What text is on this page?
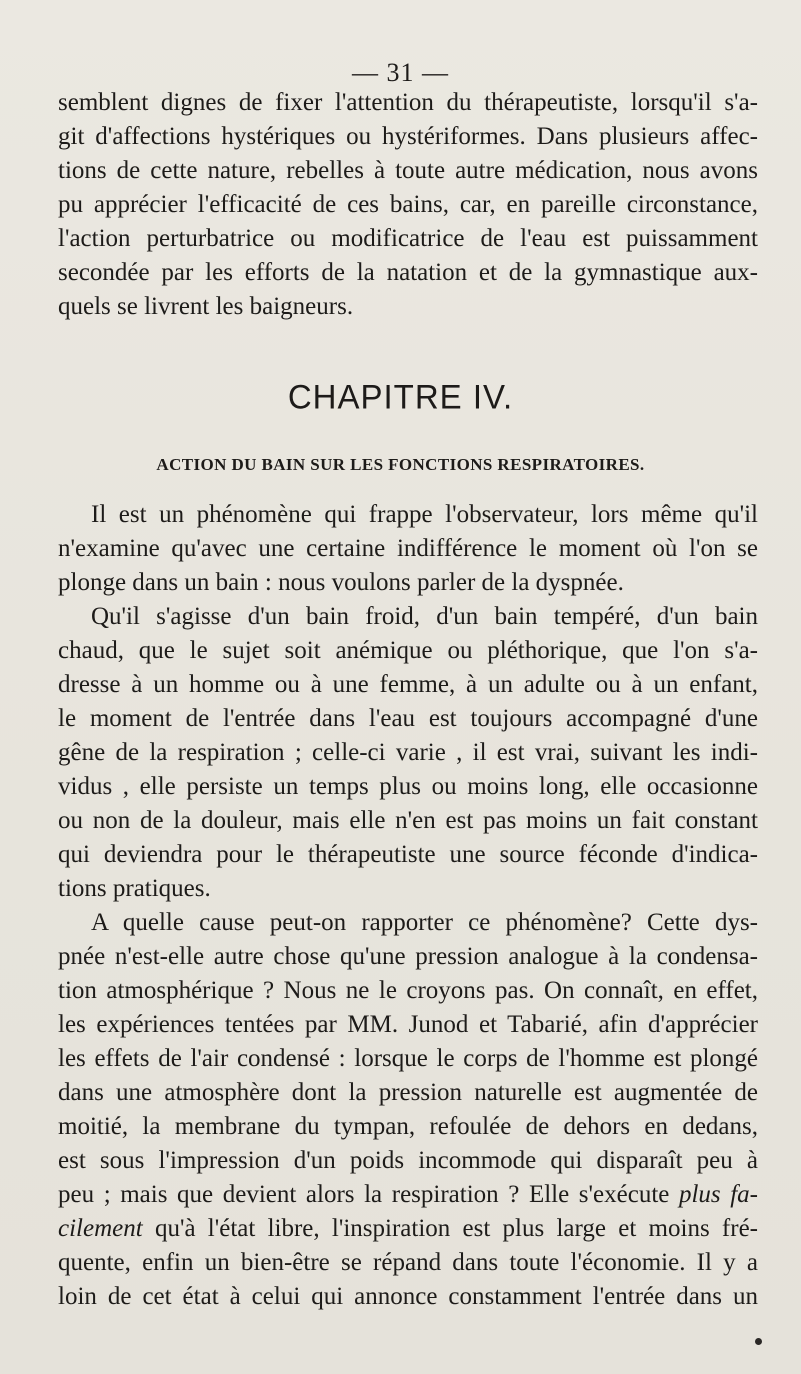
— 31 —
semblent dignes de fixer l'attention du thérapeutiste, lorsqu'il s'a-
git d'affections hystériques ou hystériformes. Dans plusieurs affec-
tions de cette nature, rebelles à toute autre médication, nous avons
pu apprécier l'efficacité de ces bains, car, en pareille circonstance,
l'action perturbatrice ou modificatrice de l'eau est puissamment
secondée par les efforts de la natation et de la gymnastique aux-
quels se livrent les baigneurs.
CHAPITRE IV.
ACTION DU BAIN SUR LES FONCTIONS RESPIRATOIRES.
Il est un phénomène qui frappe l'observateur, lors même qu'il
n'examine qu'avec une certaine indifférence le moment où l'on se
plonge dans un bain : nous voulons parler de la dyspnée.
Qu'il s'agisse d'un bain froid, d'un bain tempéré, d'un bain
chaud, que le sujet soit anémique ou pléthorique, que l'on s'a-
dresse à un homme ou à une femme, à un adulte ou à un enfant,
le moment de l'entrée dans l'eau est toujours accompagné d'une
gêne de la respiration ; celle-ci varie , il est vrai, suivant les indi-
vidus , elle persiste un temps plus ou moins long, elle occasionne
ou non de la douleur, mais elle n'en est pas moins un fait constant
qui deviendra pour le thérapeutiste une source féconde d'indica-
tions pratiques.
A quelle cause peut-on rapporter ce phénomène? Cette dys-
pnée n'est-elle autre chose qu'une pression analogue à la condensa-
tion atmosphérique ? Nous ne le croyons pas. On connaît, en effet,
les expériences tentées par MM. Junod et Tabarié, afin d'apprécier
les effets de l'air condensé : lorsque le corps de l'homme est plongé
dans une atmosphère dont la pression naturelle est augmentée de
moitié, la membrane du tympan, refoulée de dehors en dedans,
est sous l'impression d'un poids incommode qui disparaît peu à
peu ; mais que devient alors la respiration ? Elle s'exécute plus fa-
cilement qu'à l'état libre, l'inspiration est plus large et moins fré-
quente, enfin un bien-être se répand dans toute l'économie. Il y a
loin de cet état à celui qui annonce constamment l'entrée dans un
